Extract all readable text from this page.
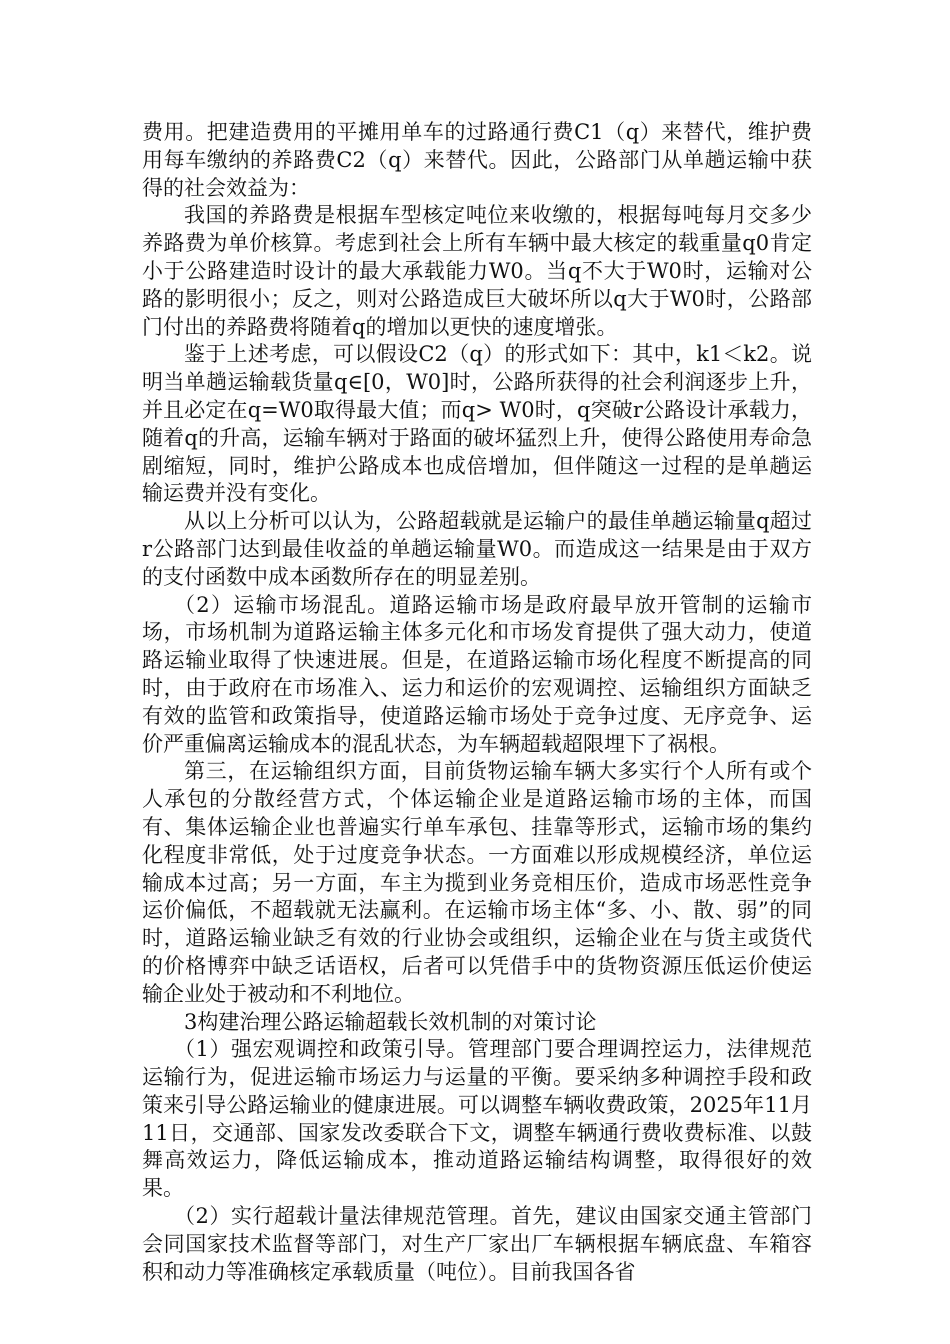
费用。把建造费用的平摊用单车的过路通行费C1（q）来替代，维护费用每车缴纳的养路费C2（q）来替代。因此，公路部门从单趟运输中获得的社会效益为：

我国的养路费是根据车型核定吨位来收缴的，根据每吨每月交多少养路费为单价核算。考虑到社会上所有车辆中最大核定的载重量q0肯定小于公路建造时设计的最大承载能力W0。当q不大于W0时，运输对公路的影明很小；反之，则对公路造成巨大破坏所以q大于W0时，公路部门付出的养路费将随着q的增加以更快的速度增张。

鉴于上述考虑，可以假设C2（q）的形式如下：其中，k1＜k2。说明当单趟运输载货量q∈[0，W0]时，公路所获得的社会利润逐步上升，并且必定在q=W0取得最大值；而q> W0时，q突破r公路设计承载力，随着q的升高，运输车辆对于路面的破坏猛烈上升，使得公路使用寿命急剧缩短，同时，维护公路成本也成倍增加，但伴随这一过程的是单趟运输运费并没有变化。

从以上分析可以认为，公路超载就是运输户的最佳单趟运输量q超过r公路部门达到最佳收益的单趟运输量W0。而造成这一结果是由于双方的支付函数中成本函数所存在的明显差别。

（2）运输市场混乱。道路运输市场是政府最早放开管制的运输市场，市场机制为道路运输主体多元化和市场发育提供了强大动力，使道路运输业取得了快速进展。但是，在道路运输市场化程度不断提高的同时，由于政府在市场准入、运力和运价的宏观调控、运输组织方面缺乏有效的监管和政策指导，使道路运输市场处于竞争过度、无序竞争、运价严重偏离运输成本的混乱状态，为车辆超载超限埋下了祸根。

第三，在运输组织方面，目前货物运输车辆大多实行个人所有或个人承包的分散经营方式，个体运输企业是道路运输市场的主体，而国有、集体运输企业也普遍实行单车承包、挂靠等形式，运输市场的集约化程度非常低，处于过度竞争状态。一方面难以形成规模经济，单位运输成本过高；另一方面，车主为揽到业务竞相压价，造成市场恶性竞争运价偏低，不超载就无法赢利。在运输市场主体“多、小、散、弱”的同时，道路运输业缺乏有效的行业协会或组织，运输企业在与货主或货代的价格博弈中缺乏话语权，后者可以凭借手中的货物资源压低运价使运输企业处于被动和不利地位。

3构建治理公路运输超载长效机制的对策讨论

（1）强宏观调控和政策引导。管理部门要合理调控运力，法律规范运输行为，促进运输市场运力与运量的平衡。要采纳多种调控手段和政策来引导公路运输业的健康进展。可以调整车辆收费政策，2025年11月11日，交通部、国家发改委联合下文，调整车辆通行费收费标准、以鼓舞高效运力，降低运输成本，推动道路运输结构调整，取得很好的效果。

（2）实行超载计量法律规范管理。首先，建议由国家交通主管部门会同国家技术监督等部门，对生产厂家出厂车辆根据车辆底盘、车箱容积和动力等准确核定承载质量（吨位）。目前我国各省
